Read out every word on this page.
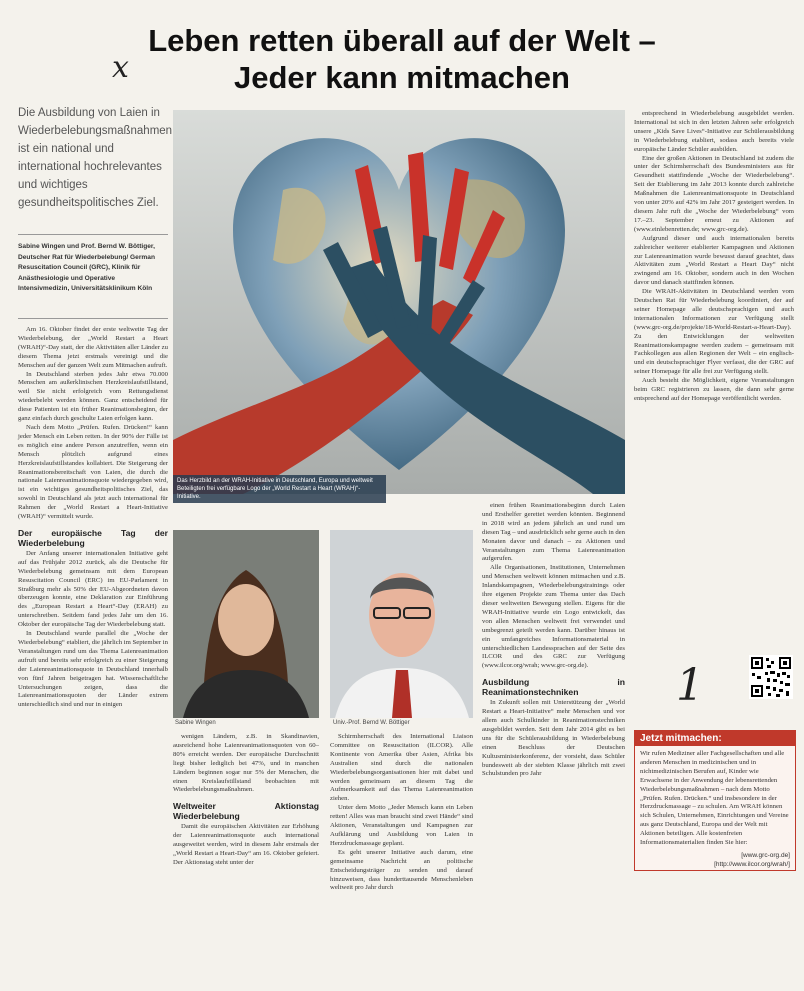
Leben retten überall auf der Welt –
Jeder kann mitmachen
x
Die Ausbildung von Laien in Wiederbelebungsmaßnahmen ist ein national und international hochrelevantes und wichtiges gesundheitspolitisches Ziel.
Sabine Wingen und Prof. Bernd W. Böttiger, Deutscher Rat für Wiederbelebung/ German Resuscitation Council (GRC), Klinik für Anästhesiologie und Operative Intensivmedizin, Universitätsklinikum Köln
Das Herzbild an der WRAH-Initiative in Deutschland, Europa und weltweit Beteiligten frei verfügbare Logo der „World Restart a Heart (WRAH)“-Initiative.

Am 16. Oktober findet der erste weltweite Tag der Wiederbelebung, der „World Restart a Heart (WRAH)“-Day statt, der die Aktivitäten aller Länder zu diesem Thema jetzt erstmals vereinigt und die Menschen auf der ganzen Welt zum Mitmachen aufruft.

In Deutschland sterben jedes Jahr etwa 70.000 Menschen am außerklinischen Herzkreislaufstillstand, weil Sie nicht erfolgreich vom Rettungsdienst wiederbelebt werden können. Ganz entscheidend für diese Patienten ist ein früher Reanimationsbeginn, der ganz einfach durch geschulte Laien erfolgen kann.

Nach dem Motto „Prüfen. Rufen. Drücken!“ kann jeder Mensch ein Leben retten. In der 90% der Fälle ist es möglich eine andere Person anzutreffen, wenn ein Mensch plötzlich aufgrund eines Herzkreislaufstillstandes kollabiert. Die Steigerung der Reanimationsbereitschaft von Laien, die durch die nationale Laienreanimationsquote wiedergegeben wird, ist ein wichtiges gesundheitspolitisches Ziel, das sowohl in Deutschland als jetzt auch international für Rahmen der „World Restart a Heart-Initiative (WRAH)“ vermittelt wurde.

Der europäische Tag der Wiederbelebung

Der Anfang unserer internationalen Initiative geht auf das Frühjahr 2012 zurück, als die Deutsche für Wiederbelebung gemeinsam mit dem European Resuscitation Council (ERC) im EU-Parlament in Straßburg mehr als 50% der EU-Abgeordneten davon überzeugen konnte, eine Deklaration zur Einführung des „European Restart a Heart“-Day (ERAH) zu unterschreiben. Seitdem fand jedes Jahr um den 16. Oktober der europäische Tag der Wiederbelebung statt.

In Deutschland wurde parallel die „Woche der Wiederbelebung“ etabliert, die jährlich im September in Veranstaltungen rund um das Thema Laienreanimation aufruft und bereits sehr erfolgreich zu einer Steigerung der Laienreanimationsquote in Deutschland innerhalb von fünf Jahren beigetragen hat. Wissenschaftliche Untersuchungen zeigen, dass die Laienreanimationsquoten der Länder extrem unterschiedlich sind und nur in einigen

Sabine Wingen	Univ.-Prof. Bernd W. Böttiger

wenigen Ländern, z.B. in Skandinavien, ausreichend hohe Laienreanimationsquoten von 60–80% erreicht werden. Der europäische Durchschnitt liegt bisher lediglich bei 47%, und in manchen Ländern beginnen sogar nur 5% der Menschen, die einen Kreislaufstillstand beobachten mit Wiederbelebungsmaßnahmen.

Weltweiter Aktionstag Wiederbelebung

Damit die europäischen Aktivitäten zur Erhöhung der Laienreanimationsquote auch international ausgeweitet werden, wird in diesem Jahr erstmals der „World Restart a Heart-Day“ am 16. Oktober gefeiert. Der Aktionstag steht unter der

Schirmherrschaft des International Liaison Committee on Resuscitation (ILCOR). Alle Kontinente von Amerika über Asien, Afrika bis Australien sind durch die nationalen Wiederbelebungsorganisationen hier mit dabei und werden gemeinsam an diesem Tag die Aufmerksamkeit auf das Thema Laienreanimation ziehen.

Unter dem Motto „Jeder Mensch kann ein Leben retten! Alles was man braucht sind zwei Hände“ sind Aktionen, Veranstaltungen und Kampagnen zur Aufklärung und Ausbildung von Laien in Herzdruckmassage geplant.

Es geht unserer Initiative auch darum, eine gemeinsame Nachricht an politische Entscheidungsträger zu senden und darauf hinzuweisen, dass hunderttausende Menschenleben weltweit pro Jahr durch

einen frühen Reanimationsbeginn durch Laien und Ersthelfer gerettet werden könnten. Beginnend in 2018 wird an jedem jährlich an und rund um diesen Tag – und ausdrücklich sehr gerne auch in den Monaten davor und danach – zu Aktionen und Veranstaltungen zum Thema Laienreanimation aufgerufen.

Alle Organisationen, Institutionen, Unternehmen und Menschen weltweit können mitmachen und z.B. Inlandskampagnen, Wiederbelebungstrainings oder ihre eigenen Projekte zum Thema unter das Dach dieser weltweiten Bewegung stellen. Eigens für die WRAH-Initiative wurde ein Logo entwickelt, das von allen Menschen weltweit frei verwendet und umbegrenzt geteilt werden kann. Darüber hinaus ist ein umfangreiches Informationsmaterial in unterschiedlichen Landessprachen auf der Seite des ILCOR und des GRC zur Verfügung (www.ilcor.org/wrah; www.grc-org.de).

Ausbildung in Reanimationstechniken

In Zukunft sollen mit Unterstützung der „World Restart a Heart-Initiative“ mehr Menschen und vor allem auch Schulkinder in Reanimationstechniken ausgebildet werden. Seit dem Jahr 2014 gibt es bei uns für die Schülerausbildung in Wiederbelebung einen Beschluss der Deutschen Kultusministerkonferenz, der vorsieht, dass Schüler bundesweit ab der siebten Klasse jährlich mit zwei Schulstunden pro Jahr

entsprechend in Wiederbelebung ausgebildet werden. International ist sich in den letzten Jahren sehr erfolgreich unsere „Kids Save Lives“-Initiative zur Schülerausbildung in Wiederbelebung etabliert, sodass auch bereits viele europäische Länder Schüler ausbilden.

Eine der großen Aktionen in Deutschland ist zudem die unter der Schirmherrschaft des Bundesministers aus für Gesundheit stattfindende „Woche der Wiederbelebung“. Seit der Etablierung im Jahr 2013 konnte durch zahlreiche Maßnahmen die Laienreanimationsquote in Deutschland von unter 20% auf 42% im Jahr 2017 gesteigert werden. In diesem Jahr ruft die „Woche der Wiederbelebung“ vom 17.–23. September erneut zu Aktionen auf (www.einlebenretten.de; www.grc-org.de).

Aufgrund dieser und auch internationalen bereits zahlreicher weiterer etablierter Kampagnen und Aktionen zur Laienreanimation wurde bewusst darauf geachtet, dass Aktivitäten zum „World Restart a Heart Day“ nicht zwingend am 16. Oktober, sondern auch in den Wochen davor und danach stattfinden können.

Die WRAH-Aktivitäten in Deutschland werden vom Deutschen Rat für Wiederbelebung koordiniert, der auf seiner Homepage alle deutschsprachigen und auch internationalen Informationen zur Verfügung stellt (www.grc-org.de/projekte/18-World-Restart-a-Heart-Day). Zu den Entwicklungen der weltweiten Reanimationskampagne werden zudem – gemeinsam mit Fachkollegen aus allen Regionen der Welt – ein englisch- und ein deutschsprachiger Flyer verfasst, die der GRC auf seiner Homepage für alle frei zur Verfügung stellt.

Auch besteht die Möglichkeit, eigene Veranstaltungen beim GRC registrieren zu lassen, die dann sehr gerne entsprechend auf der Homepage veröffentlicht werden.

1
Jetzt mitmachen:
Wir rufen Mediziner aller Fachgesellschaften und alle anderen Menschen in medizinischen und in nichtmedizinischen Berufen auf, Kinder wie Erwachsene in der Anwendung der lebensrettenden Wiederbelebungsmaßnahmen – nach dem Motto „Prüfen. Rufen. Drücken.“ und insbesondere in der Herzdruckmassage – zu schulen. Am WRAH können sich Schulen, Unternehmen, Einrichtungen und Vereine aus ganz Deutschland, Europa und der Welt mit Aktionen beteiligen. Alle kostenfreien Informationsmaterialien finden Sie hier:
[www.grc-org.de]
[http://www.ilcor.org/wrah/]
